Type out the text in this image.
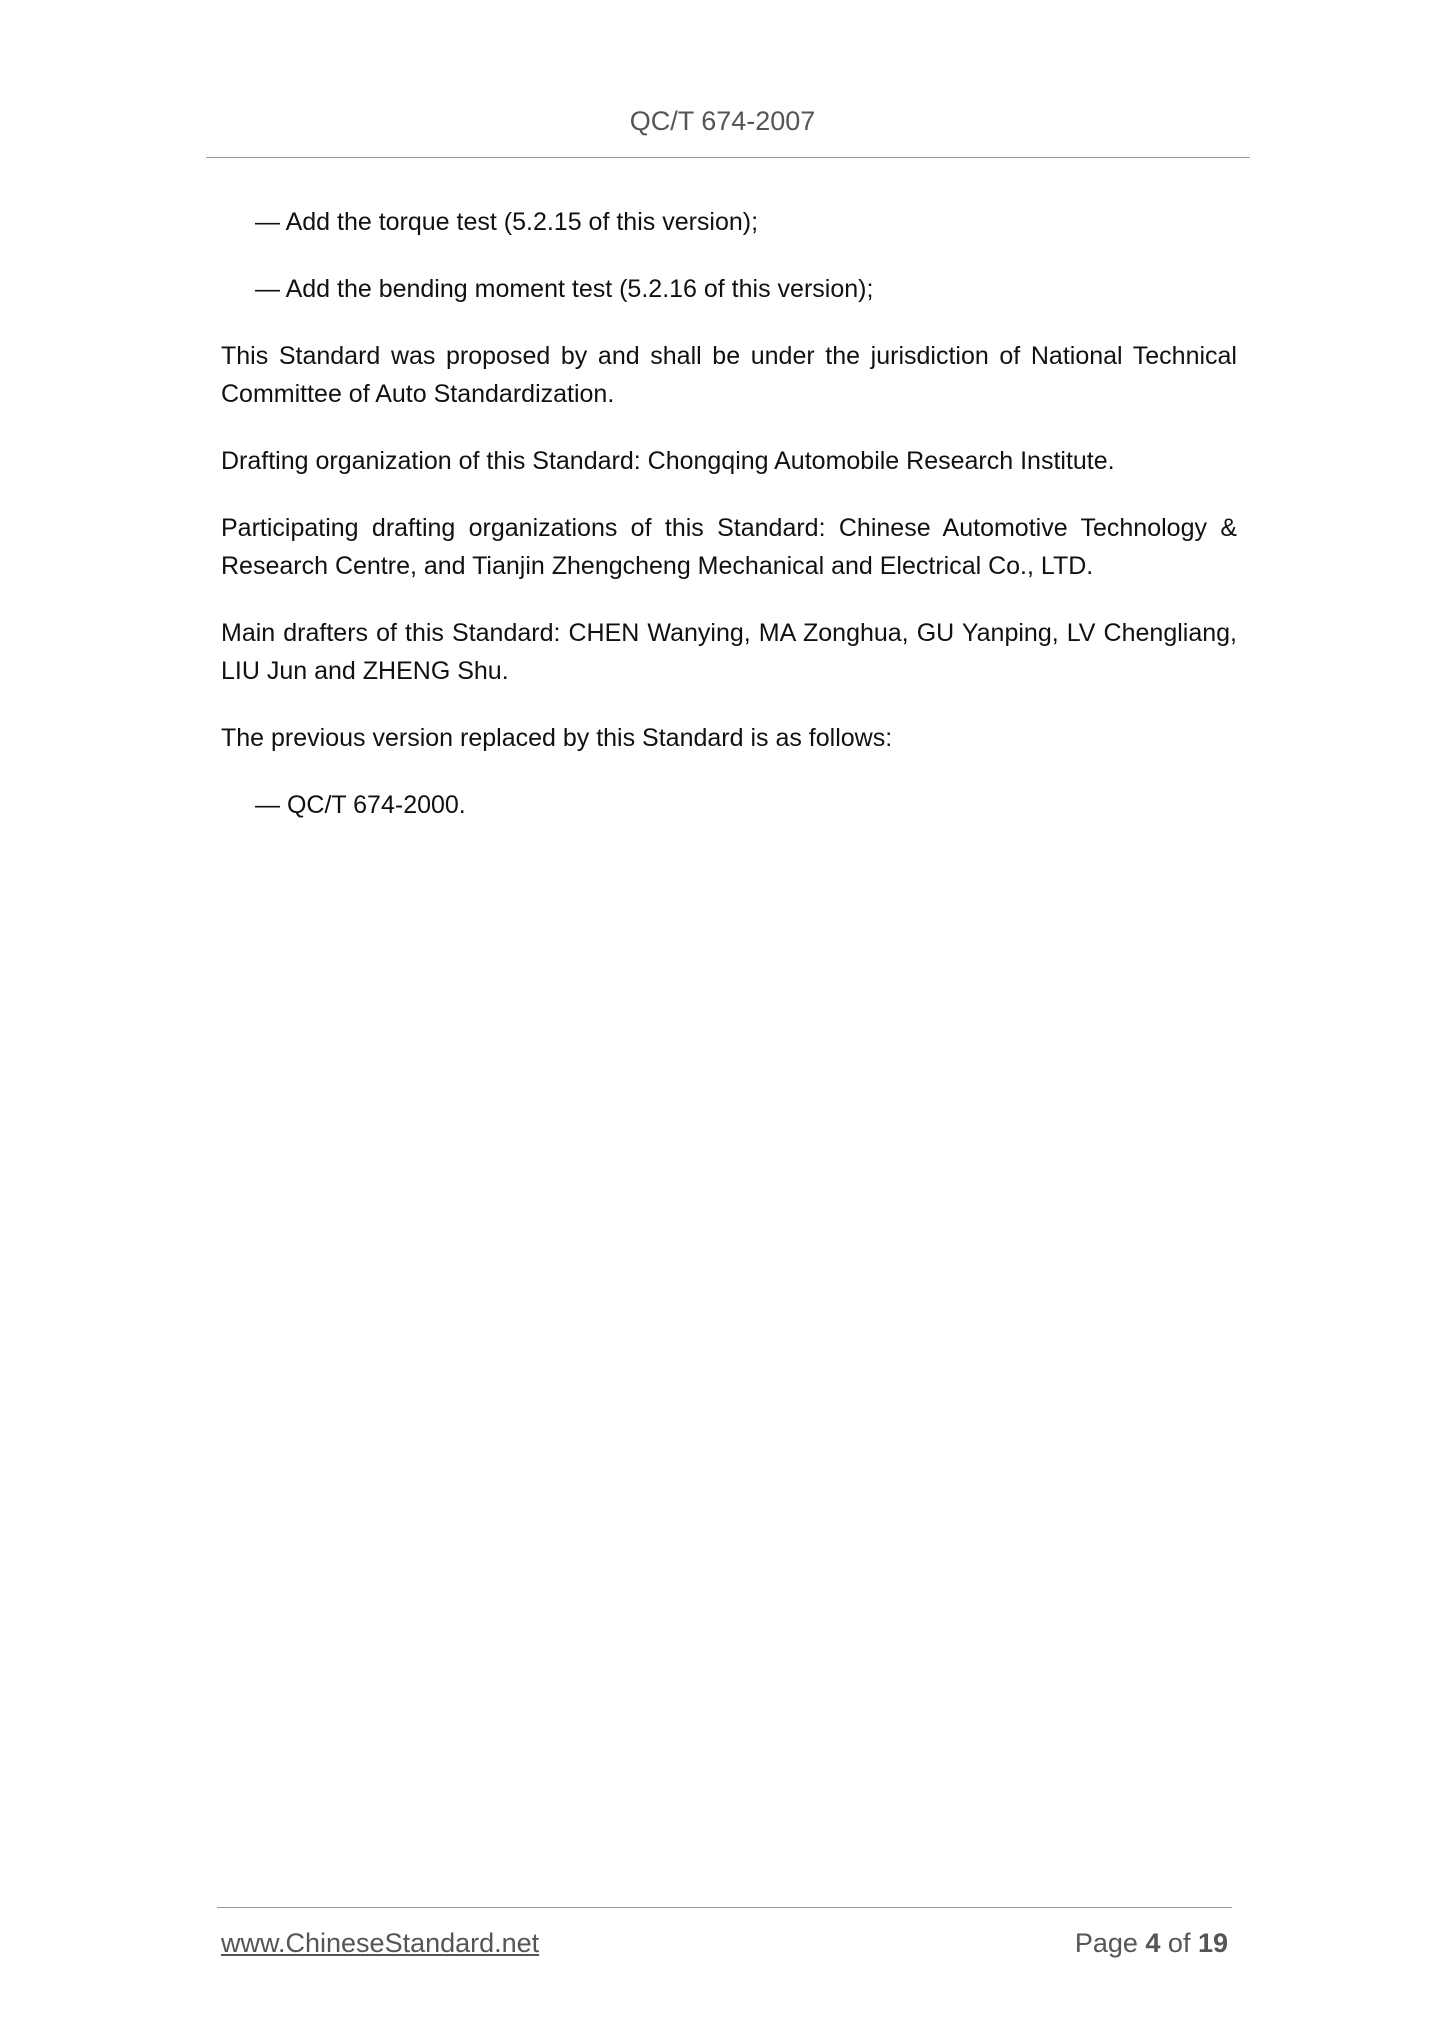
QC/T 674-2007
— Add the torque test (5.2.15 of this version);
— Add the bending moment test (5.2.16 of this version);

This Standard was proposed by and shall be under the jurisdiction of National Technical Committee of Auto Standardization.

Drafting organization of this Standard: Chongqing Automobile Research Institute.

Participating drafting organizations of this Standard: Chinese Automotive Technology & Research Centre, and Tianjin Zhengcheng Mechanical and Electrical Co., LTD.

Main drafters of this Standard: CHEN Wanying, MA Zonghua, GU Yanping, LV Chengliang, LIU Jun and ZHENG Shu.

The previous version replaced by this Standard is as follows:

— QC/T 674-2000.
www.ChineseStandard.net	Page 4 of 19
